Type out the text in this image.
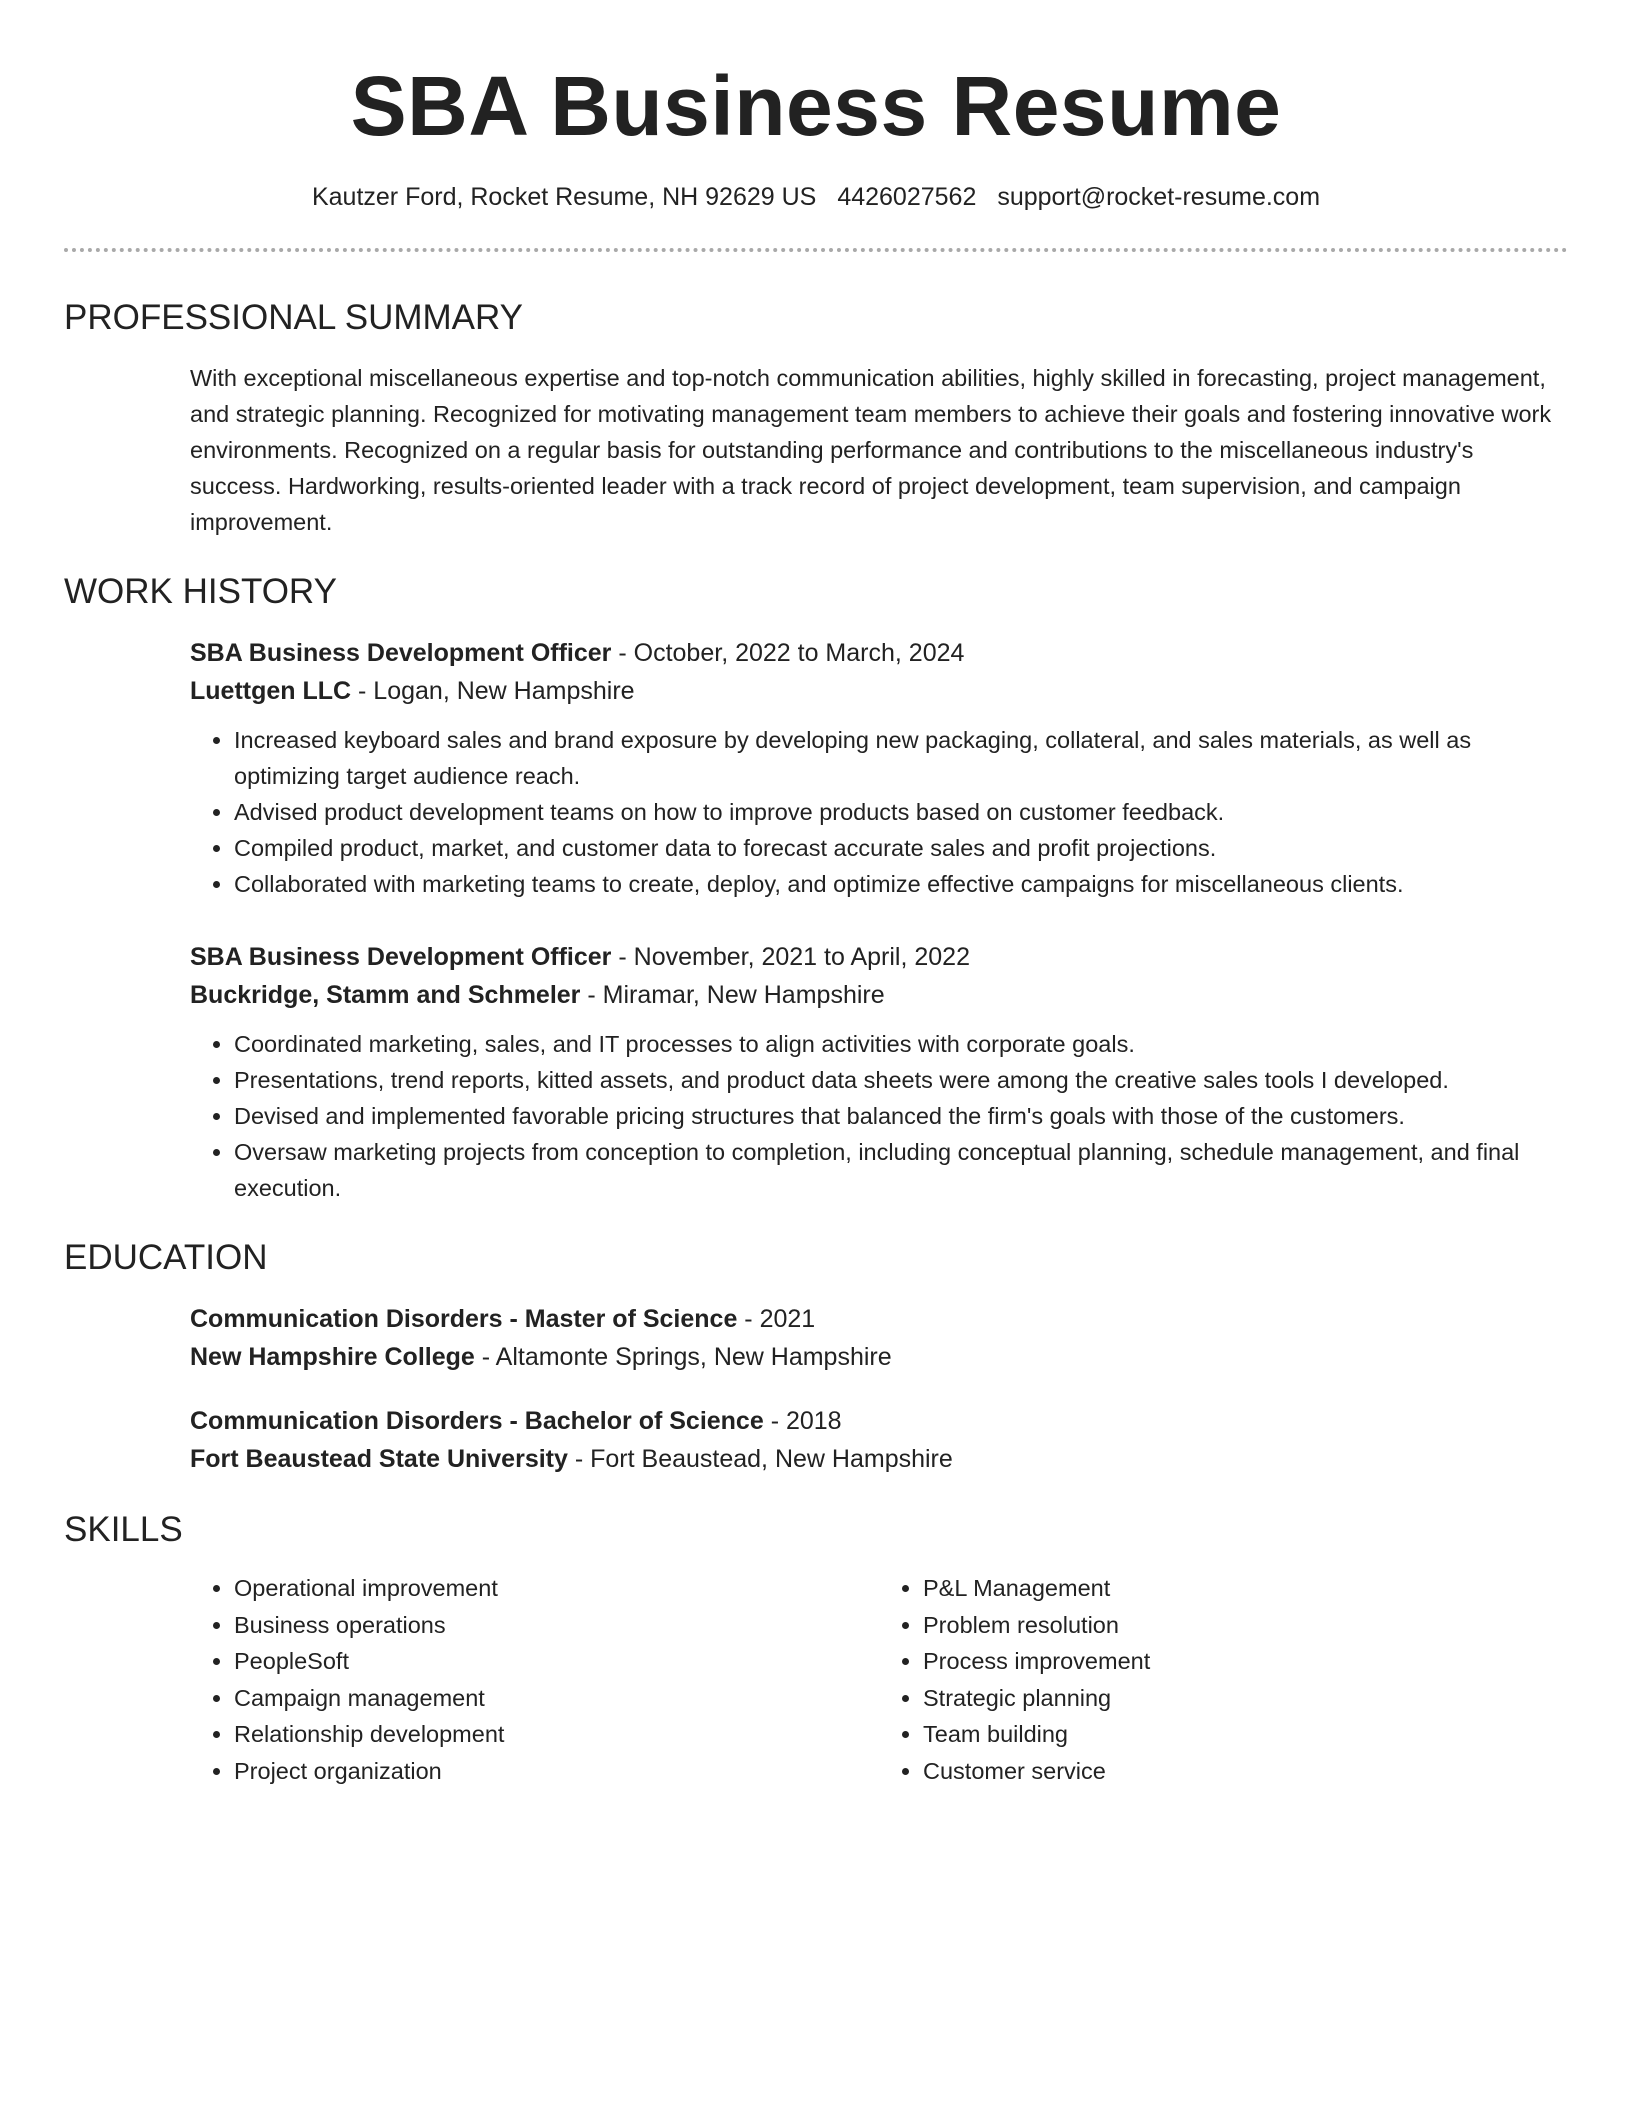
SBA Business Resume
Kautzer Ford, Rocket Resume, NH 92629 US 4426027562 support@rocket-resume.com
PROFESSIONAL SUMMARY
With exceptional miscellaneous expertise and top-notch communication abilities, highly skilled in forecasting, project management, and strategic planning. Recognized for motivating management team members to achieve their goals and fostering innovative work environments. Recognized on a regular basis for outstanding performance and contributions to the miscellaneous industry's success. Hardworking, results-oriented leader with a track record of project development, team supervision, and campaign improvement.
WORK HISTORY
SBA Business Development Officer - October, 2022 to March, 2024
Luettgen LLC - Logan, New Hampshire
• Increased keyboard sales and brand exposure by developing new packaging, collateral, and sales materials, as well as optimizing target audience reach.
• Advised product development teams on how to improve products based on customer feedback.
• Compiled product, market, and customer data to forecast accurate sales and profit projections.
• Collaborated with marketing teams to create, deploy, and optimize effective campaigns for miscellaneous clients.
SBA Business Development Officer - November, 2021 to April, 2022
Buckridge, Stamm and Schmeler - Miramar, New Hampshire
• Coordinated marketing, sales, and IT processes to align activities with corporate goals.
• Presentations, trend reports, kitted assets, and product data sheets were among the creative sales tools I developed.
• Devised and implemented favorable pricing structures that balanced the firm's goals with those of the customers.
• Oversaw marketing projects from conception to completion, including conceptual planning, schedule management, and final execution.
EDUCATION
Communication Disorders - Master of Science - 2021
New Hampshire College - Altamonte Springs, New Hampshire
Communication Disorders - Bachelor of Science - 2018
Fort Beaustead State University - Fort Beaustead, New Hampshire
SKILLS
• Operational improvement
• Business operations
• PeopleSoft
• Campaign management
• Relationship development
• Project organization
• P&L Management
• Problem resolution
• Process improvement
• Strategic planning
• Team building
• Customer service
